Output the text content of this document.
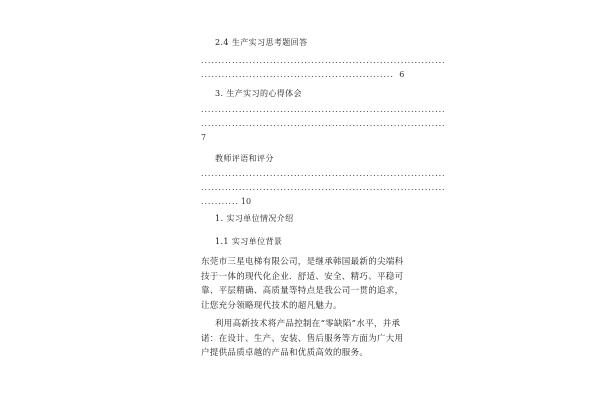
2.4 生产实习思考题回答
.......................................................................
........................................................ 6
3. 生产实习的心得体会
.......................................................................
.......................................................................
7
教师评语和评分
.......................................................................
.......................................................................
........... 10
1. 实习单位情况介绍
1.1 实习单位背景
东莞市三星电梯有限公司，是继承韩国最新的尖端科技于一体的现代化企业．舒适、安全、精巧、平稳可靠、平层精确、高质量等特点是我公司一贯的追求，让您充分领略现代技术的超凡魅力。
利用高新技术将产品控制在“零缺陷”水平，并承诺：在设计、生产、安装、售后服务等方面为广大用户提供品质卓越的产品和优质高效的服务。
